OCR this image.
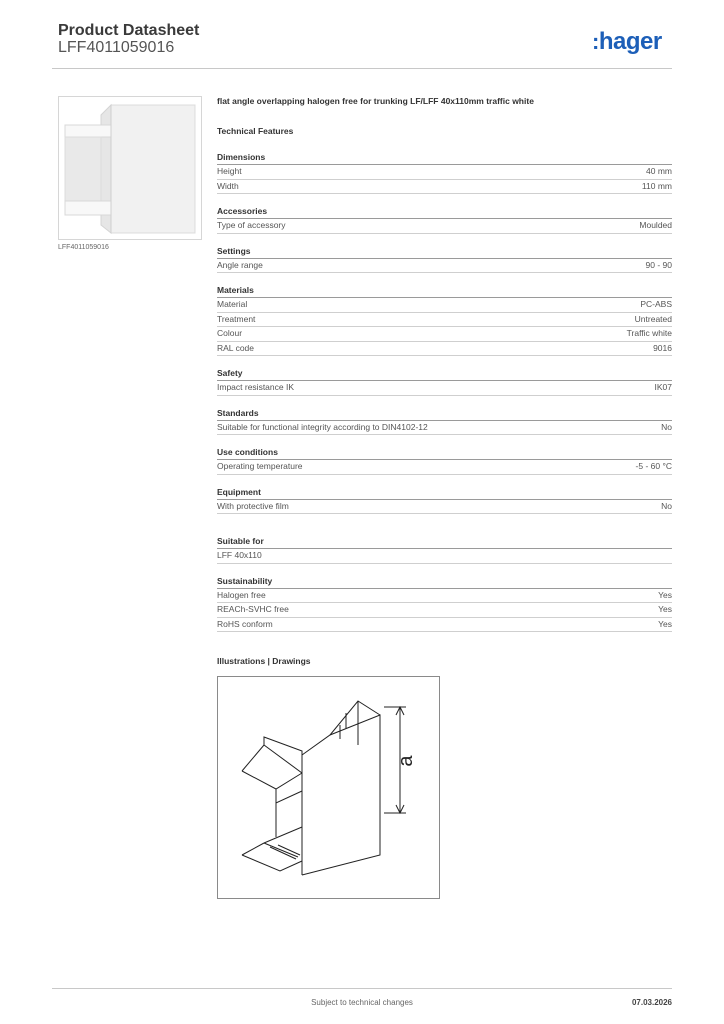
Product Datasheet
LFF4011059016	:hager
LFF4011059016
flat angle overlapping halogen free for trunking LF/LFF 40x110mm traffic white
Technical Features
Dimensions
Height	40 mm
Width	110 mm
Accessories
Type of accessory	Moulded
Settings
Angle range	90 - 90
Materials
Material	PC-ABS
Treatment	Untreated
Colour	Traffic white
RAL code	9016
Safety
Impact resistance IK	IK07
Standards
Suitable for functional integrity according to DIN4102-12	No
Use conditions
Operating temperature	-5 - 60 °C
Equipment
With protective film	No
Suitable for
LFF 40x110
Sustainability
Halogen free	Yes
REACh-SVHC free	Yes
RoHS conform	Yes
Illustrations | Drawings
a
Subject to technical changes	07.03.2026
